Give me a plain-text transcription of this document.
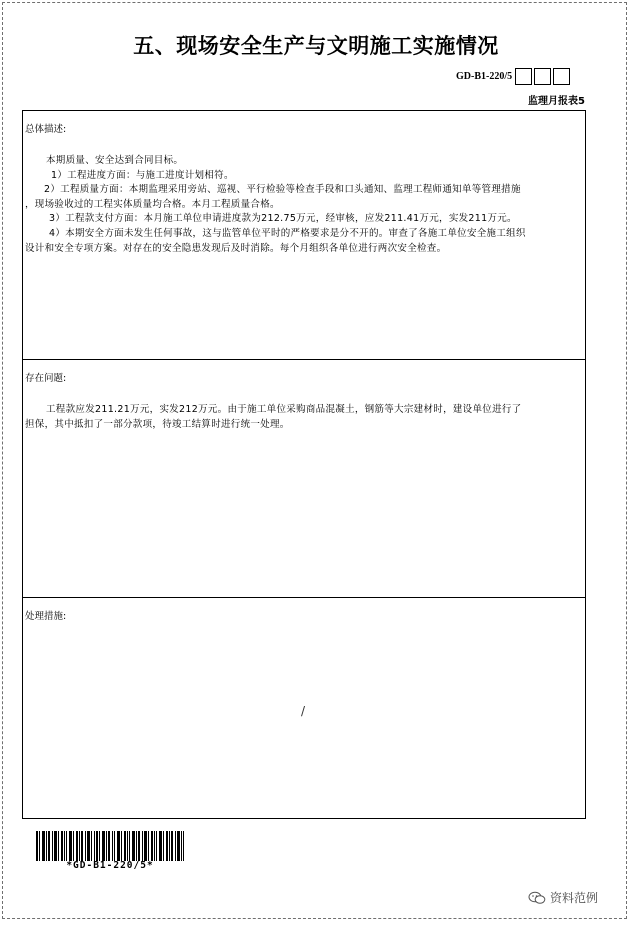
五、现场安全生产与文明施工实施情况
GD-B1-220/5
监理月报表5
总体描述:

本期质量、安全达到合同目标。

1）工程进度方面：与施工进度计划相符。

2）工程质量方面：本期监理采用旁站、巡视、平行检验等检查手段和口头通知、监理工程师通知单等管理措施

，现场验收过的工程实体质量均合格。本月工程质量合格。

3）工程款支付方面：本月施工单位申请进度款为212.75万元，经审核，应发211.41万元，实发211万元。

4）本期安全方面未发生任何事故，这与监管单位平时的严格要求是分不开的。审查了各施工单位安全施工组织

设计和安全专项方案。对存在的安全隐患发现后及时消除。每个月组织各单位进行两次安全检查。

存在问题:

工程款应发211.21万元，实发212万元。由于施工单位采购商品混凝土，钢筋等大宗建材时，建设单位进行了

担保，其中抵扣了一部分款项，待竣工结算时进行统一处理。

处理措施:
/
*GD-B1-220/5*
资料范例
